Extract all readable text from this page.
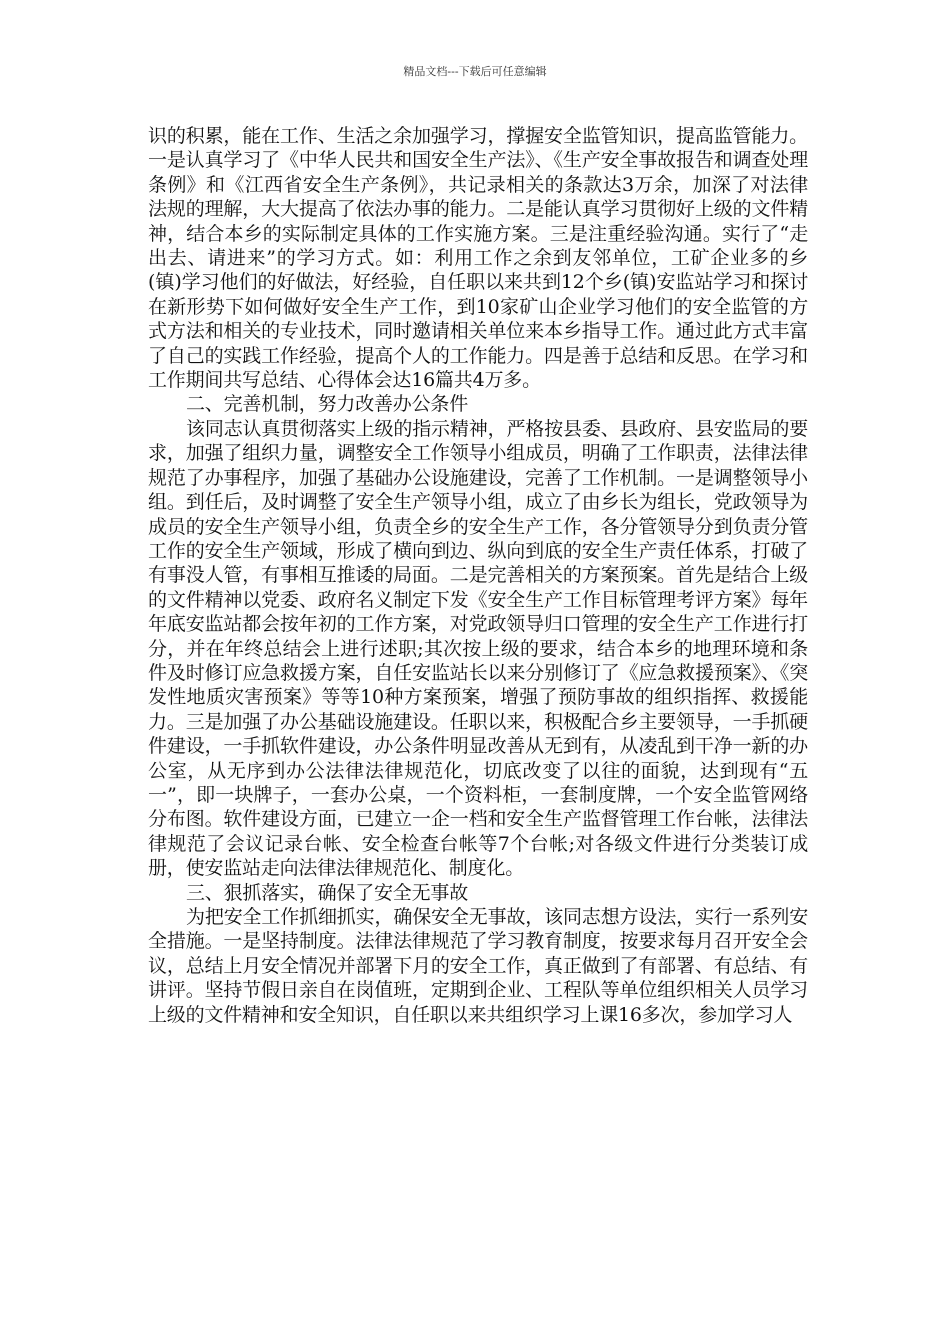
精品文档---下载后可任意编辑

识的积累，能在工作、生活之余加强学习，撑握安全监管知识，提高监管能力。一是认真学习了《中华人民共和国安全生产法》、《生产安全事故报告和调查处理条例》和《江西省安全生产条例》，共记录相关的条款达3万余，加深了对法律法规的理解，大大提高了依法办事的能力。二是能认真学习贯彻好上级的文件精神，结合本乡的实际制定具体的工作实施方案。三是注重经验沟通。实行了“走出去、请进来”的学习方式。如：利用工作之余到友邻单位，工矿企业多的乡(镇)学习他们的好做法，好经验，自任职以来共到12个乡(镇)安监站学习和探讨在新形势下如何做好安全生产工作，到10家矿山企业学习他们的安全监管的方式方法和相关的专业技术，同时邀请相关单位来本乡指导工作。通过此方式丰富了自己的实践工作经验，提高个人的工作能力。四是善于总结和反思。在学习和工作期间共写总结、心得体会达16篇共4万多。

二、完善机制，努力改善办公条件

该同志认真贯彻落实上级的指示精神，严格按县委、县政府、县安监局的要求，加强了组织力量，调整安全工作领导小组成员，明确了工作职责，法律法律规范了办事程序，加强了基础办公设施建设，完善了工作机制。一是调整领导小组。到任后，及时调整了安全生产领导小组，成立了由乡长为组长，党政领导为成员的安全生产领导小组，负责全乡的安全生产工作，各分管领导分到负责分管工作的安全生产领域，形成了横向到边、纵向到底的安全生产责任体系，打破了有事没人管，有事相互推诿的局面。二是完善相关的方案预案。首先是结合上级的文件精神以党委、政府名义制定下发《安全生产工作目标管理考评方案》每年年底安监站都会按年初的工作方案，对党政领导归口管理的安全生产工作进行打分，并在年终总结会上进行述职;其次按上级的要求，结合本乡的地理环境和条件及时修订应急救援方案，自任安监站长以来分别修订了《应急救援预案》、《突发性地质灾害预案》等等10种方案预案，增强了预防事故的组织指挥、救援能力。三是加强了办公基础设施建设。任职以来，积极配合乡主要领导，一手抓硬件建设，一手抓软件建设，办公条件明显改善从无到有，从凌乱到干净一新的办公室，从无序到办公法律法律规范化，切底改变了以往的面貌，达到现有“五一”，即一块牌子，一套办公桌，一个资料柜，一套制度牌，一个安全监管网络分布图。软件建设方面，已建立一企一档和安全生产监督管理工作台帐，法律法律规范了会议记录台帐、安全检查台帐等7个台帐;对各级文件进行分类装订成册，使安监站走向法律法律规范化、制度化。

三、狠抓落实，确保了安全无事故

为把安全工作抓细抓实，确保安全无事故，该同志想方设法，实行一系列安全措施。一是坚持制度。法律法律规范了学习教育制度，按要求每月召开安全会议，总结上月安全情况并部署下月的安全工作，真正做到了有部署、有总结、有讲评。坚持节假日亲自在岗值班，定期到企业、工程队等单位组织相关人员学习上级的文件精神和安全知识，自任职以来共组织学习上课16多次，参加学习人
